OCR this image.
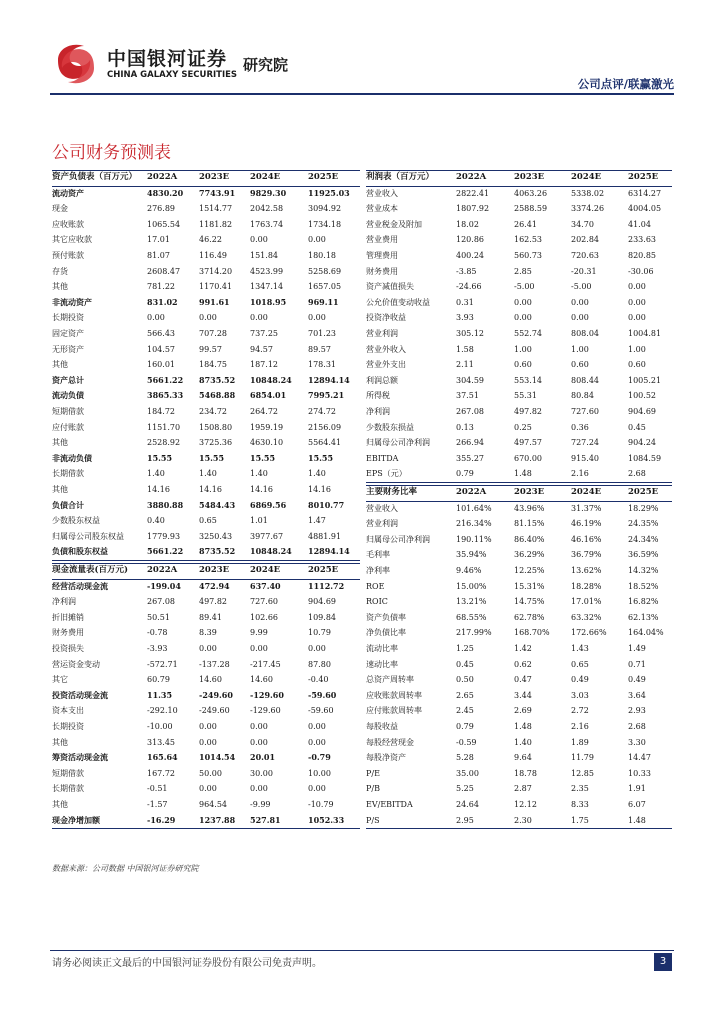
中国银河证券
CHINA GALAXY SECURITIES
研究院
公司点评/联赢激光
公司财务预测表
资产负债表（百万元） 2022A	2023E 2024E	2025E
流动资产	4830.20 7743.91 9829.30	11925.03
现金	276.89	1514.77 2042.58	3094.92
应收账款	1065.54 1181.82 1763.74	1734.18
其它应收款	17.01	46.22	0.00	0.00
预付账款	81.07	116.49	151.84	180.18
存货	2608.47 3714.20 4523.99	5258.69
其他	781.22	1170.41 1347.14	1657.05
非流动资产	831.02	991.61	1018.95	969.11
长期投资	0.00	0.00	0.00	0.00
固定资产	566.43	707.28	737.25	701.23
无形资产	104.57	99.57	94.57	89.57
其他	160.01	184.75	187.12	178.31
资产总计	5661.22 8735.52 10848.24 12894.14
流动负债	3865.33 5468.88 6854.01	7995.21
短期借款	184.72	234.72	264.72	274.72
应付账款	1151.70 1508.80 1959.19	2156.09
其他	2528.92 3725.36 4630.10	5564.41
非流动负债	15.55	15.55	15.55	15.55
长期借款	1.40	1.40	1.40	1.40
其他	14.16	14.16	14.16	14.16
负债合计	3880.88 5484.43 6869.56	8010.77
少数股东权益	0.40	0.65	1.01	1.47
归属母公司股东权益	1779.93 3250.43 3977.67	4881.91
负债和股东权益	5661.22 8735.52 10848.24 12894.14
现金流量表(百万元) 2022A	2023E 2024E	2025E
经营活动现金流	-199.04 472.94	637.40	1112.72
净利润	267.08	497.82	727.60	904.69
折旧摊销	50.51	89.41	102.66	109.84
财务费用	-0.78	8.39	9.99	10.79
投资损失	-3.93	0.00	0.00	0.00
营运资金变动	-572.71	-137.28	-217.45	87.80
其它	60.79	14.60	14.60	-0.40
投资活动现金流	11.35	-249.60 -129.60	-59.60
资本支出	-292.10	-249.60	-129.60	-59.60
长期投资	-10.00	0.00	0.00	0.00
其他	313.45	0.00	0.00	0.00
筹资活动现金流	165.64	1014.54 20.01	-0.79
短期借款	167.72	50.00	30.00	10.00
长期借款	-0.51	0.00	0.00	0.00
其他	-1.57	964.54	-9.99	-10.79
现金净增加额	-16.29	1237.88 527.81	1052.33
利润表（百万元）	2022A	2023E	2024E	2025E
营业收入	2822.41	4063.26	5338.02	6314.27
营业成本	1807.92	2588.59	3374.26	4004.05
营业税金及附加	18.02	26.41	34.70	41.04
营业费用	120.86	162.53	202.84	233.63
管理费用	400.24	560.73	720.63	820.85
财务费用	-3.85	2.85	-20.31	-30.06
资产减值损失	-24.66	-5.00	-5.00	0.00
公允价值变动收益	0.31	0.00	0.00	0.00
投资净收益	3.93	0.00	0.00	0.00
营业利润	305.12	552.74	808.04	1004.81
营业外收入	1.58	1.00	1.00	1.00
营业外支出	2.11	0.60	0.60	0.60
利润总额	304.59	553.14	808.44	1005.21
所得税	37.51	55.31	80.84	100.52
净利润	267.08	497.82	727.60	904.69
少数股东损益	0.13	0.25	0.36	0.45
归属母公司净利润	266.94	497.57	727.24	904.24
EBITDA	355.27	670.00	915.40	1084.59
EPS（元）	0.79	1.48	2.16	2.68
主要财务比率	2022A	2023E	2024E	2025E
营业收入	101.64%	43.96%	31.37%	18.29%
营业利润	216.34%	81.15%	46.19%	24.35%
归属母公司净利润	190.11%	86.40%	46.16%	24.34%
毛利率	35.94%	36.29%	36.79%	36.59%
净利率	9.46%	12.25%	13.62%	14.32%
ROE	15.00%	15.31%	18.28%	18.52%
ROIC	13.21%	14.75%	17.01%	16.82%
资产负债率	68.55%	62.78%	63.32%	62.13%
净负债比率	217.99%	168.70%	172.66%	164.04%
流动比率	1.25	1.42	1.43	1.49
速动比率	0.45	0.62	0.65	0.71
总资产周转率	0.50	0.47	0.49	0.49
应收账款周转率	2.65	3.44	3.03	3.64
应付账款周转率	2.45	2.69	2.72	2.93
每股收益	0.79	1.48	2.16	2.68
每股经营现金	-0.59	1.40	1.89	3.30
每股净资产	5.28	9.64	11.79	14.47
P/E	35.00	18.78	12.85	10.33
P/B	5.25	2.87	2.35	1.91
EV/EBITDA	24.64	12.12	8.33	6.07
P/S	2.95	2.30	1.75	1.48
数据来源：公司数据 中国银河证券研究院
请务必阅读正文最后的中国银河证券股份有限公司免责声明。	3
